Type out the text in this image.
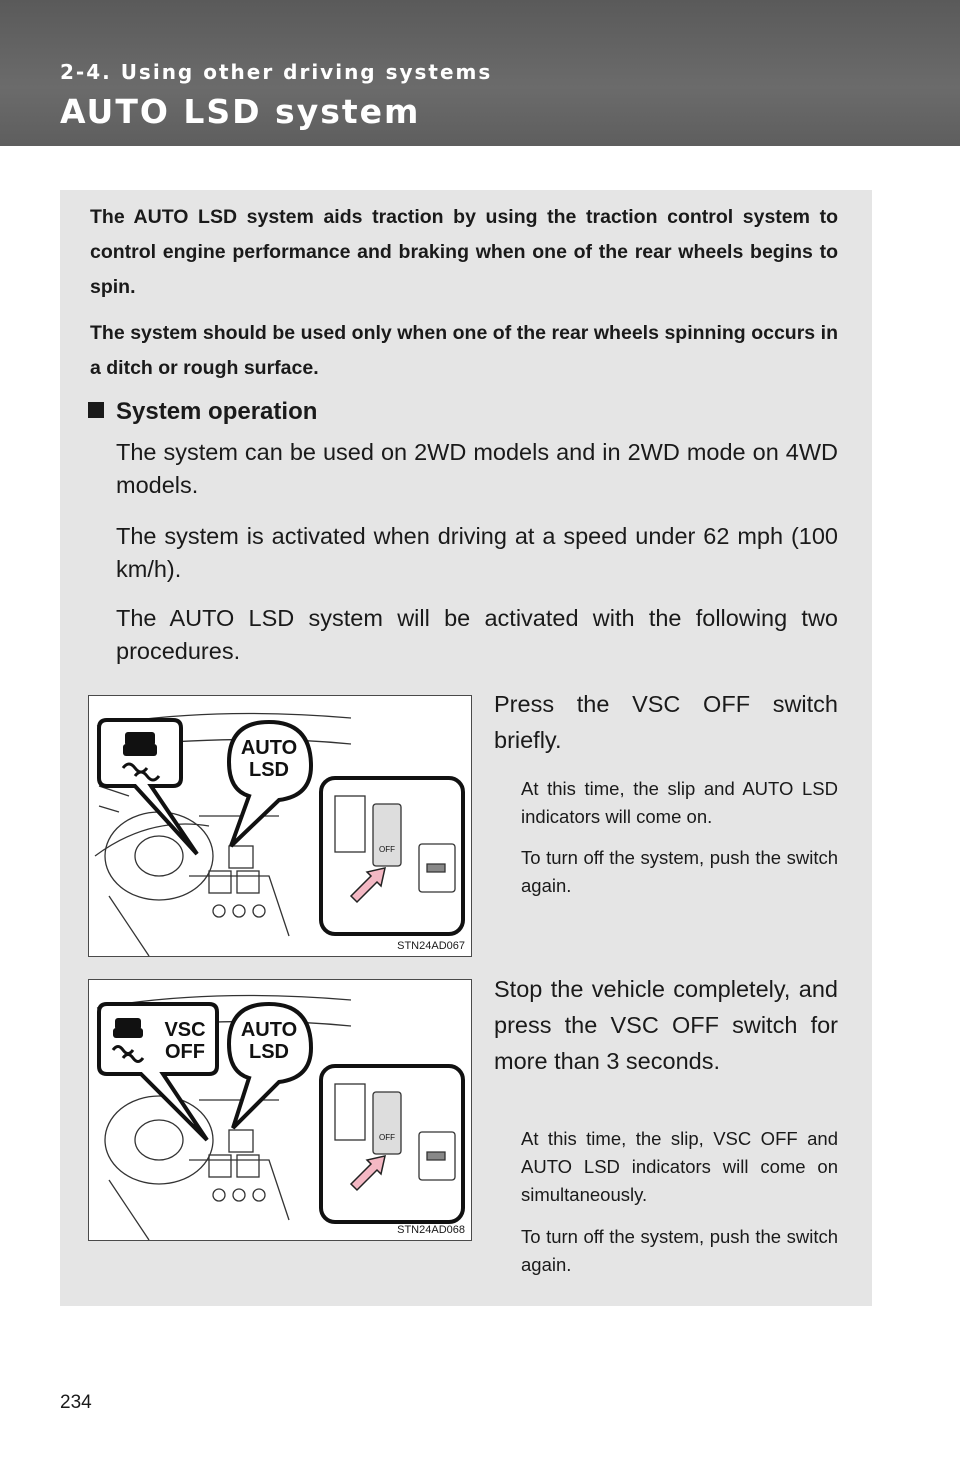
2-4. Using other driving systems
AUTO LSD system

The AUTO LSD system aids traction by using the traction control system to control engine performance and braking when one of the rear wheels begins to spin.

The system should be used only when one of the rear wheels spinning occurs in a ditch or rough surface.

System operation

The system can be used on 2WD models and in 2WD mode on 4WD models.

The system is activated when driving at a speed under 62 mph (100 km/h).

The AUTO LSD system will be activated with the following two procedures.

AUTO
LSD
OFF
STN24AD067

Press the VSC OFF switch briefly.

At this time, the slip and AUTO LSD indicators will come on.

To turn off the system, push the switch again.

VSC
OFF
AUTO
LSD
OFF
STN24AD068

Stop the vehicle completely, and press the VSC OFF switch for more than 3 seconds.

At this time, the slip, VSC OFF and AUTO LSD indicators will come on simultaneously.

To turn off the system, push the switch again.

234
